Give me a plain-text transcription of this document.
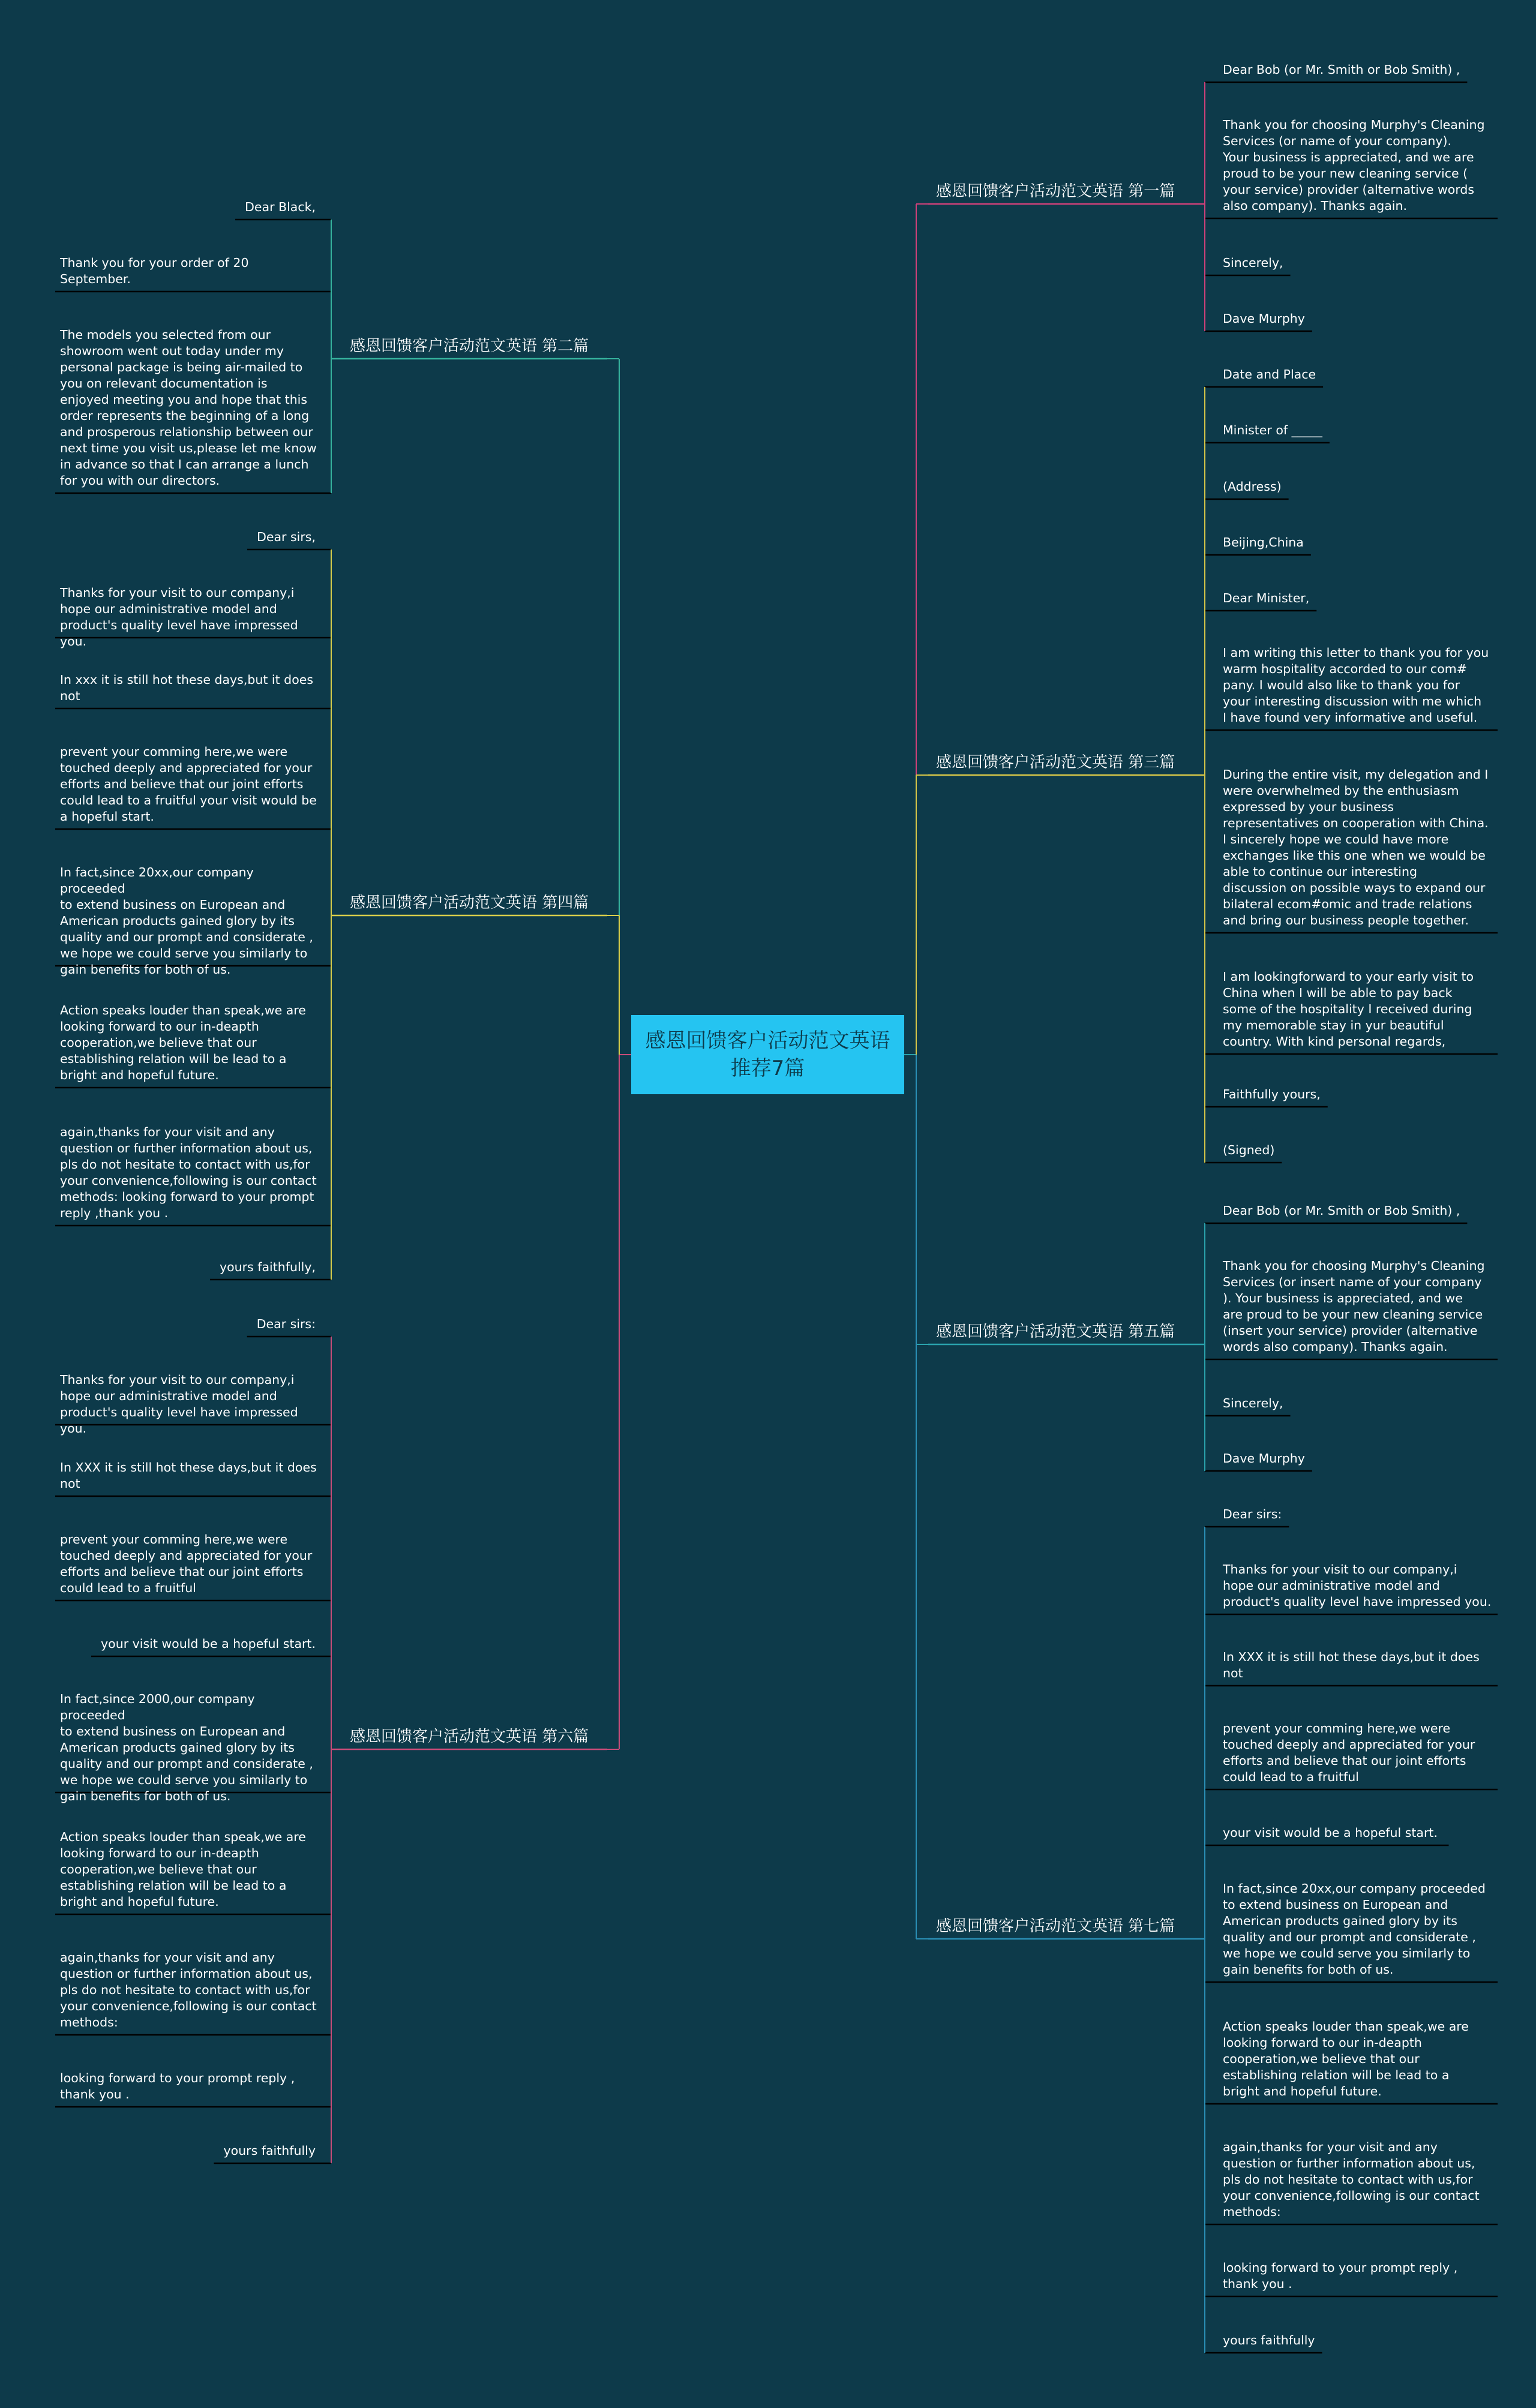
感恩回馈客户活动范文英语推荐7篇
感恩回馈客户活动范文英语 第一篇

Dear Bob (or Mr. Smith or Bob Smith) ,

Thank you for choosing Murphy's Cleaning
Services (or name of your company).
Your business is appreciated, and we are
proud to be your new cleaning service (
your service) provider (alternative words
also company). Thanks again.

Sincerely,

Dave Murphy

感恩回馈客户活动范文英语 第二篇

Dear Black,

Thank you for your order of 20
September.

The models you selected from our
showroom went out today under my
personal package is being air-mailed to
you on relevant documentation is
enjoyed meeting you and hope that this
order represents the beginning of a long
and prosperous relationship between our
next time you visit us,please let me know
in advance so that I can arrange a lunch
for you with our directors.

感恩回馈客户活动范文英语 第三篇

Date and Place

Minister of _____

(Address)

Beijing,China

Dear Minister,

I am writing this letter to thank you for you
warm hospitality accorded to our com#
pany. I would also like to thank you for
your interesting discussion with me which
I have found very informative and useful.

During the entire visit, my delegation and I
were overwhelmed by the enthusiasm
expressed by your business
representatives on cooperation with China.
I sincerely hope we could have more
exchanges like this one when we would be
able to continue our interesting
discussion on possible ways to expand our
bilateral ecom#omic and trade relations
and bring our business people together.

I am lookingforward to your early visit to
China when I will be able to pay back
some of the hospitality I received during
my memorable stay in yur beautiful
country. With kind personal regards,

Faithfully yours,

(Signed)

感恩回馈客户活动范文英语 第四篇

Dear sirs,

Thanks for your visit to our company,i
hope our administrative model and
product's quality level have impressed you.

In xxx it is still hot these days,but it does
not

prevent your comming here,we were
touched deeply and appreciated for your
efforts and believe that our joint efforts
could lead to a fruitful your visit would be
a hopeful start.

In fact,since 20xx,our company proceeded
to extend business on European and
American products gained glory by its
quality and our prompt and considerate ,
we hope we could serve you similarly to
gain benefits for both of us.

Action speaks louder than speak,we are
looking forward to our in-deapth
cooperation,we believe that our
establishing relation will be lead to a
bright and hopeful future.

again,thanks for your visit and any
question or further information about us,
pls do not hesitate to contact with us,for
your convenience,following is our contact
methods: looking forward to your prompt
reply ,thank you .

yours faithfully,

感恩回馈客户活动范文英语 第五篇

Dear Bob (or Mr. Smith or Bob Smith) ,

Thank you for choosing Murphy's Cleaning
Services (or insert name of your company
). Your business is appreciated, and we
are proud to be your new cleaning service
(insert your service) provider (alternative
words also company). Thanks again.

Sincerely,

Dave Murphy

感恩回馈客户活动范文英语 第六篇

Dear sirs:

Thanks for your visit to our company,i
hope our administrative model and
product's quality level have impressed you.

In XXX it is still hot these days,but it does
not

prevent your comming here,we were
touched deeply and appreciated for your
efforts and believe that our joint efforts
could lead to a fruitful

your visit would be a hopeful start.

In fact,since 2000,our company proceeded
to extend business on European and
American products gained glory by its
quality and our prompt and considerate ,
we hope we could serve you similarly to
gain benefits for both of us.

Action speaks louder than speak,we are
looking forward to our in-deapth
cooperation,we believe that our
establishing relation will be lead to a
bright and hopeful future.

again,thanks for your visit and any
question or further information about us,
pls do not hesitate to contact with us,for
your convenience,following is our contact
methods:

looking forward to your prompt reply ,
thank you .

yours faithfully

感恩回馈客户活动范文英语 第七篇

Dear sirs:

Thanks for your visit to our company,i
hope our administrative model and
product's quality level have impressed you.

In XXX it is still hot these days,but it does
not

prevent your comming here,we were
touched deeply and appreciated for your
efforts and believe that our joint efforts
could lead to a fruitful

your visit would be a hopeful start.

In fact,since 20xx,our company proceeded
to extend business on European and
American products gained glory by its
quality and our prompt and considerate ,
we hope we could serve you similarly to
gain benefits for both of us.

Action speaks louder than speak,we are
looking forward to our in-deapth
cooperation,we believe that our
establishing relation will be lead to a
bright and hopeful future.

again,thanks for your visit and any
question or further information about us,
pls do not hesitate to contact with us,for
your convenience,following is our contact
methods:

looking forward to your prompt reply ,
thank you .

yours faithfully
